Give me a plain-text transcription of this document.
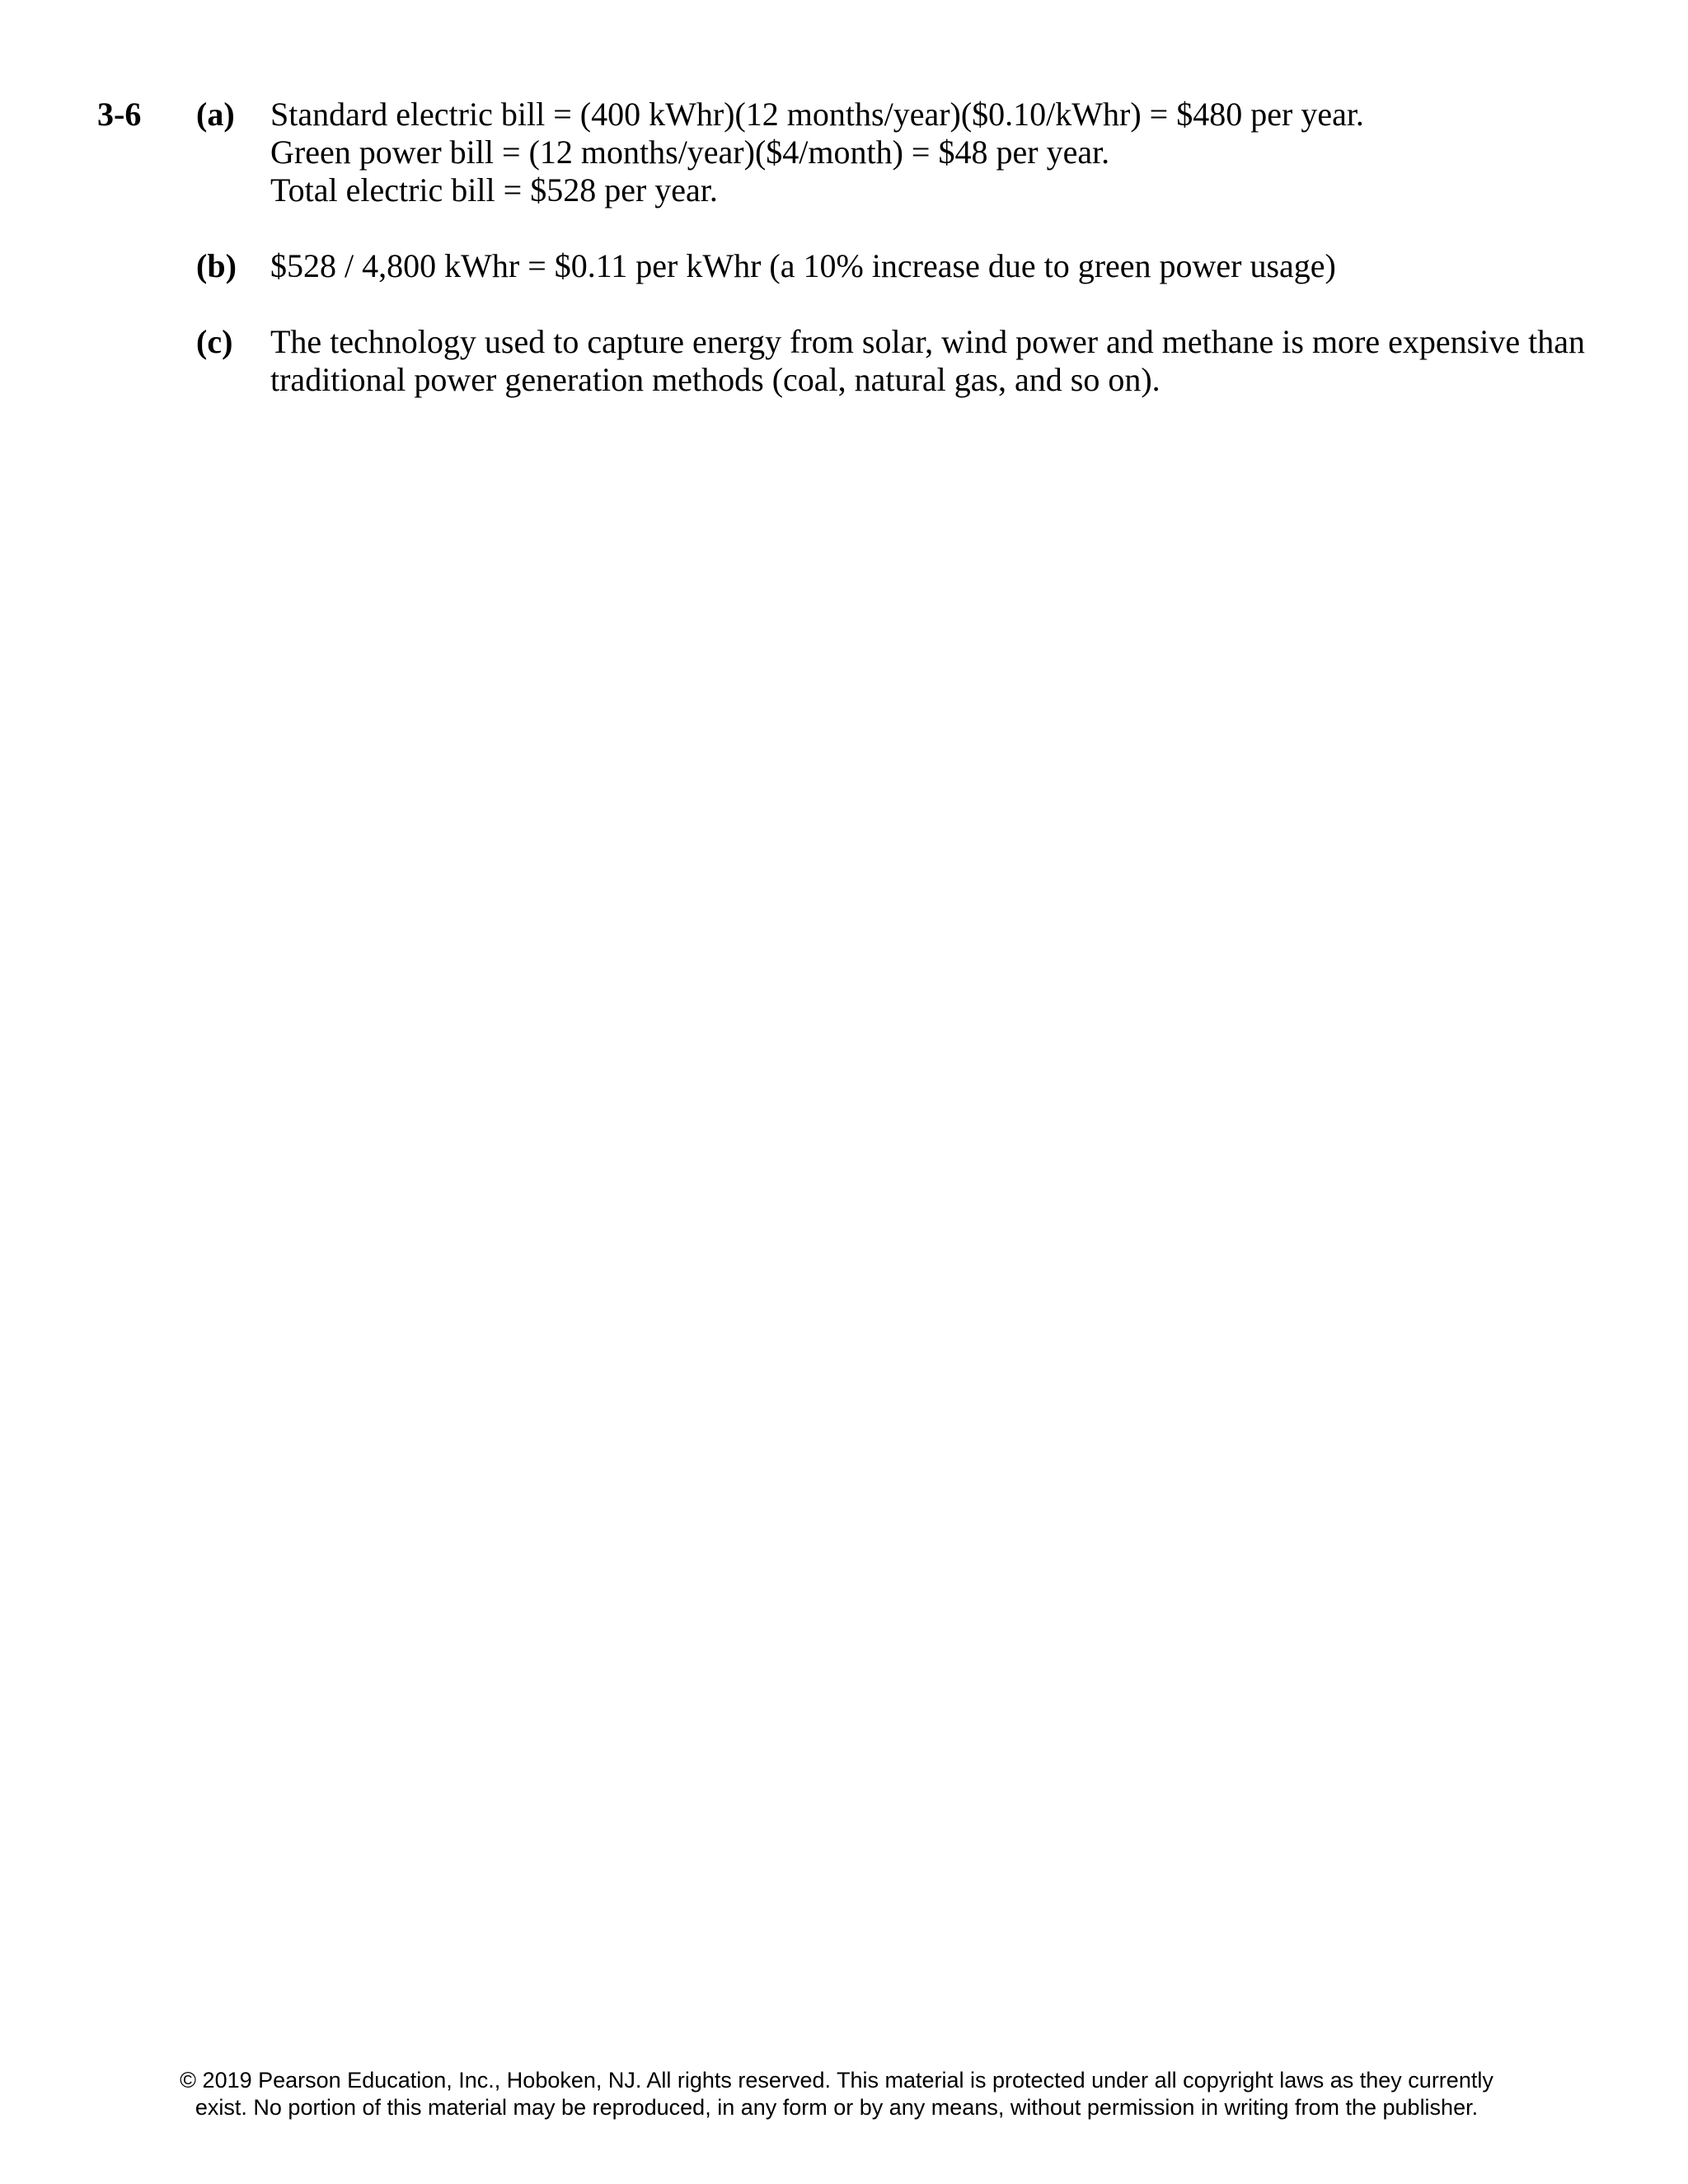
3-6 (a) Standard electric bill = (400 kWhr)(12 months/year)($0.10/kWhr) = $480 per year.
Green power bill = (12 months/year)($4/month) = $48 per year.
Total electric bill = $528 per year.
(b) $528 / 4,800 kWhr = $0.11 per kWhr (a 10% increase due to green power usage)
(c) The technology used to capture energy from solar, wind power and methane is more expensive than
traditional power generation methods (coal, natural gas, and so on).
© 2019 Pearson Education, Inc., Hoboken, NJ. All rights reserved. This material is protected under all copyright laws as they currently
exist. No portion of this material may be reproduced, in any form or by any means, without permission in writing from the publisher.
